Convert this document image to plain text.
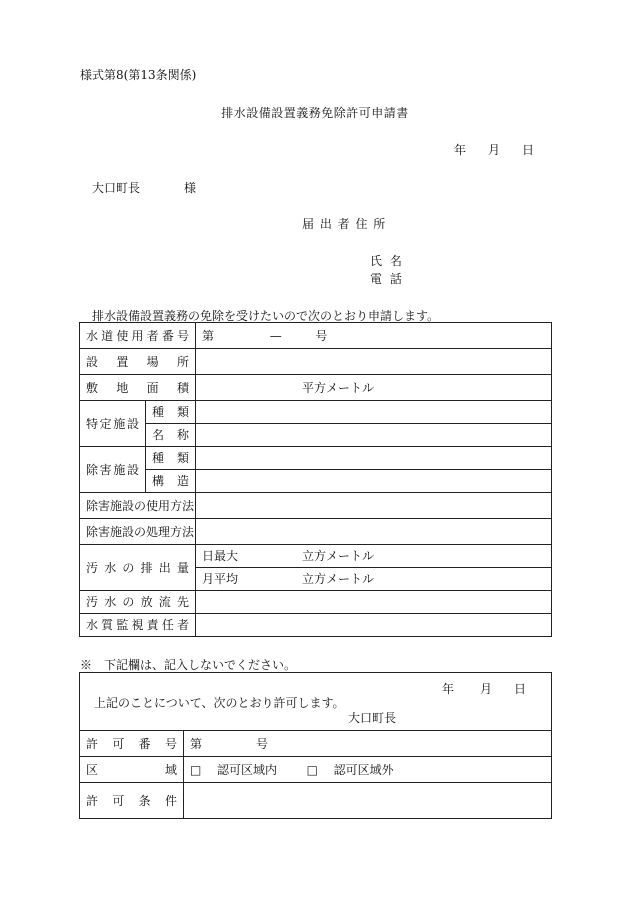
様式第8(第13条関係)
排水設備設置義務免除許可申請書
年 月 日
大口町長	様
届 出 者 住 所
氏 名
電 話
排水設備設置義務の免除を受けたいので次のとおり申請します。
水道使用者番号		第 — 号

設置場所		

敷地面積		平方メートル

特定施設	種類	

	名称	

除害施設	種類	

	構造	

除害施設の使用方法		

除害施設の処理方法		

汚水の排出量		日最大 立方メートル
		月平均 立方メートル

汚水の放流先		

水質監視責任者		

※　下記欄は、記入しないでください。
年 月 日
上記のことについて、次のとおり許可します。
大口町長	

許可番号	第 号

区域	□ 認可区域内 □ 認可区域外

許可条件	
